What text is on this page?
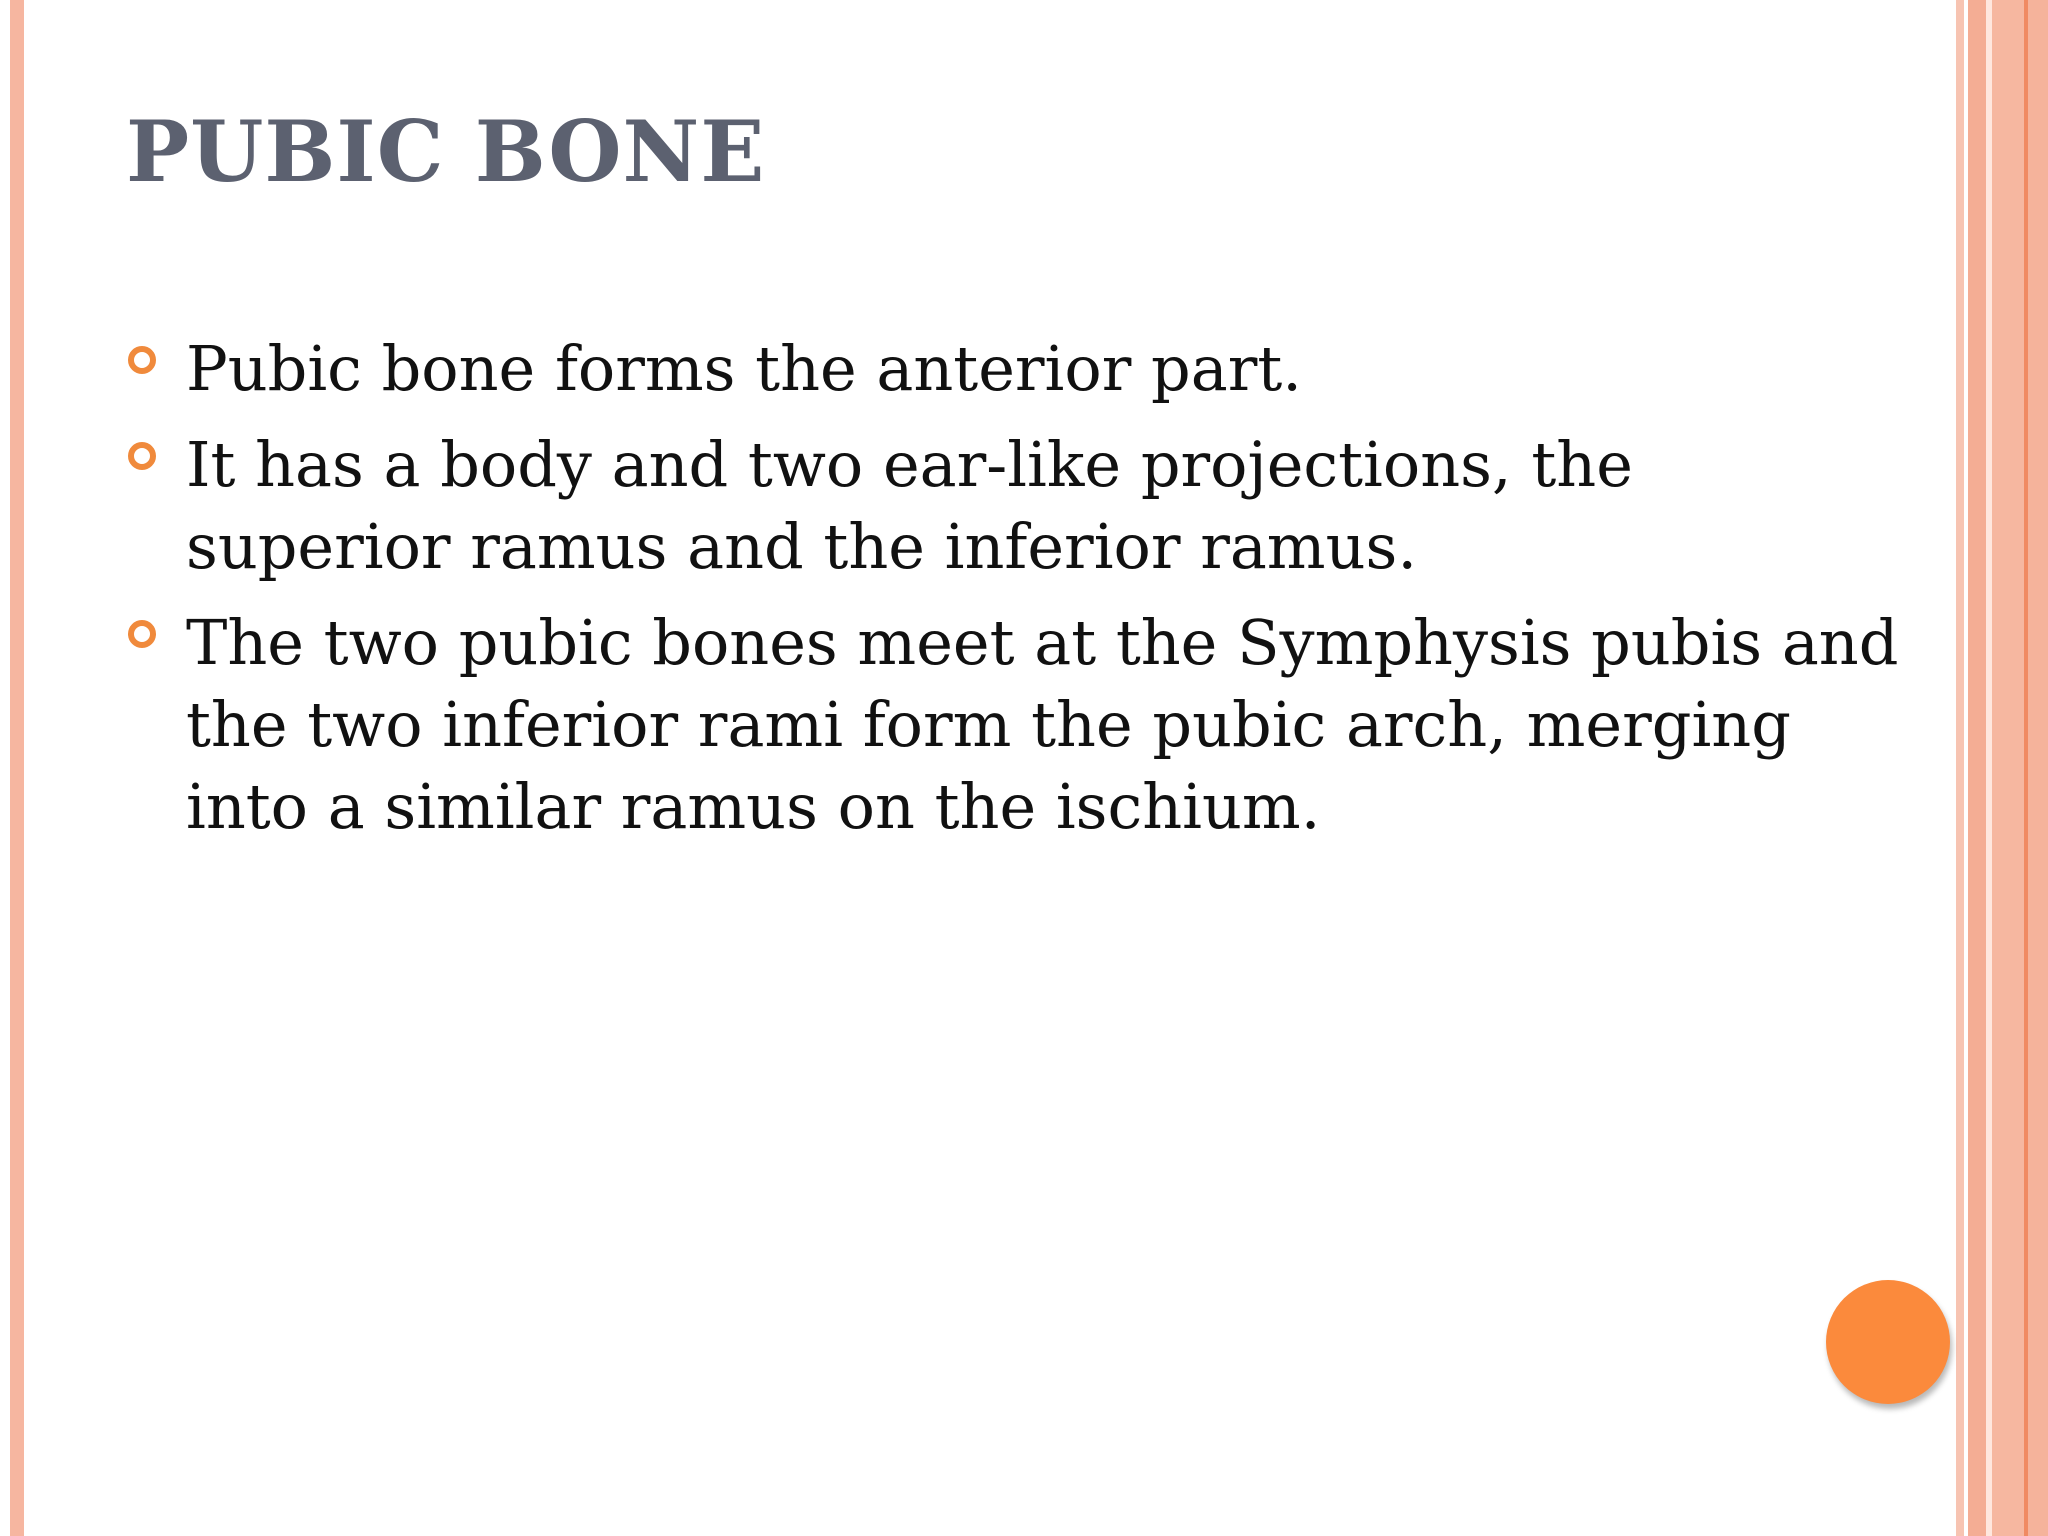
PUBIC BONE
Pubic bone forms the anterior part.
It has a body and two ear-like projections, the superior ramus and the inferior ramus.
The two pubic bones meet at the Symphysis pubis and the two inferior rami form the pubic arch, merging into a similar ramus on the ischium.
